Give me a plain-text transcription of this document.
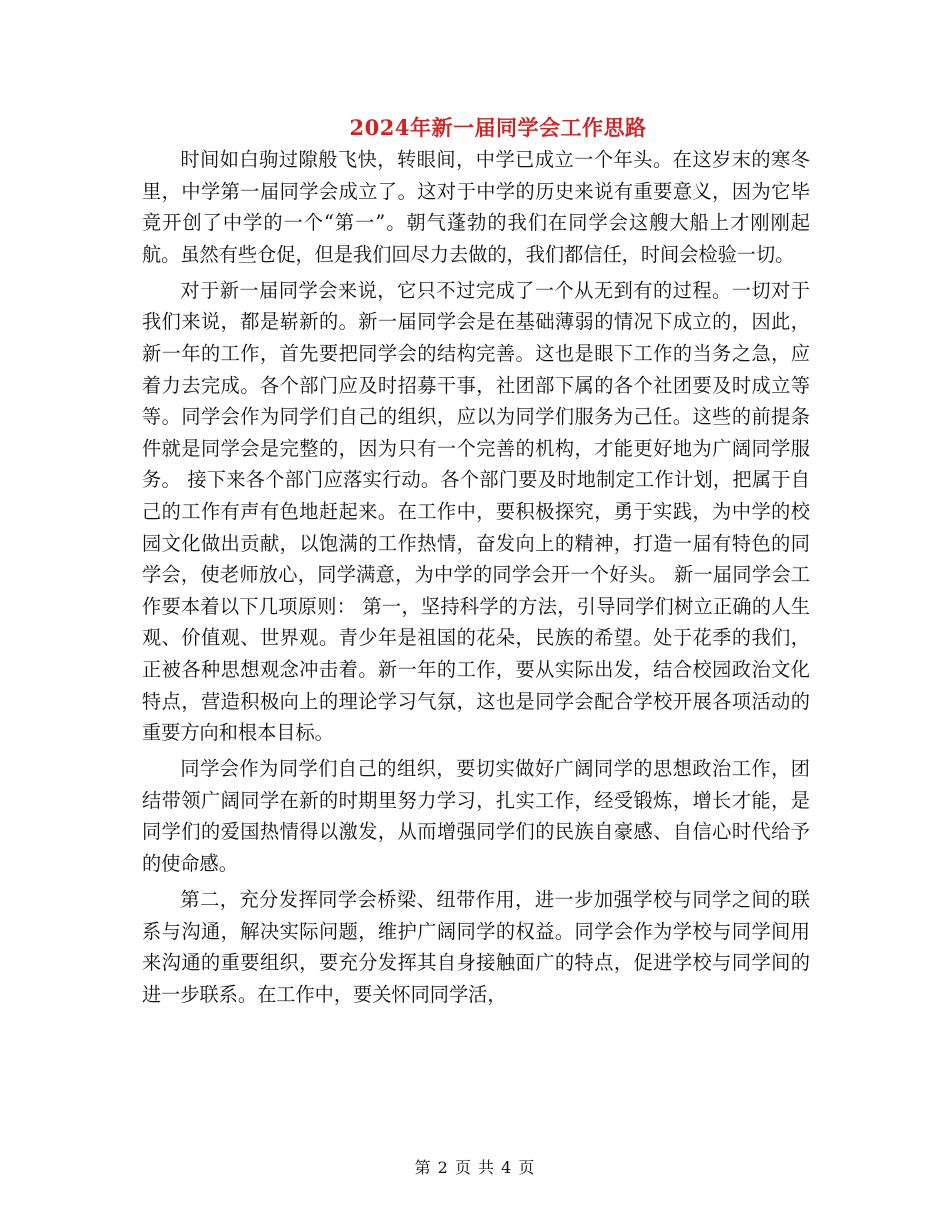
2024年新一届同学会工作思路

时间如白驹过隙般飞快，转眼间，中学已成立一个年头。在这岁末的寒冬里，中学第一届同学会成立了。这对于中学的历史来说有重要意义，因为它毕竟开创了中学的一个“第一”。朝气蓬勃的我们在同学会这艘大船上才刚刚起航。虽然有些仓促，但是我们回尽力去做的，我们都信任，时间会检验一切。

对于新一届同学会来说，它只不过完成了一个从无到有的过程。一切对于我们来说，都是崭新的。新一届同学会是在基础薄弱的情况下成立的，因此，新一年的工作，首先要把同学会的结构完善。这也是眼下工作的当务之急，应着力去完成。各个部门应及时招募干事，社团部下属的各个社团要及时成立等等。同学会作为同学们自己的组织，应以为同学们服务为己任。这些的前提条件就是同学会是完整的，因为只有一个完善的机构，才能更好地为广阔同学服务。 接下来各个部门应落实行动。各个部门要及时地制定工作计划，把属于自己的工作有声有色地赶起来。在工作中，要积极探究，勇于实践，为中学的校园文化做出贡献，以饱满的工作热情，奋发向上的精神，打造一届有特色的同学会，使老师放心，同学满意，为中学的同学会开一个好头。 新一届同学会工作要本着以下几项原则： 第一，坚持科学的方法，引导同学们树立正确的人生观、价值观、世界观。青少年是祖国的花朵，民族的希望。处于花季的我们，正被各种思想观念冲击着。新一年的工作，要从实际出发，结合校园政治文化特点，营造积极向上的理论学习气氛，这也是同学会配合学校开展各项活动的重要方向和根本目标。

同学会作为同学们自己的组织，要切实做好广阔同学的思想政治工作，团结带领广阔同学在新的时期里努力学习，扎实工作，经受锻炼，增长才能，是同学们的爱国热情得以激发，从而增强同学们的民族自豪感、自信心时代给予的使命感。

第二，充分发挥同学会桥梁、纽带作用，进一步加强学校与同学之间的联系与沟通，解决实际问题，维护广阔同学的权益。同学会作为学校与同学间用来沟通的重要组织，要充分发挥其自身接触面广的特点，促进学校与同学间的进一步联系。在工作中，要关怀同同学活，

第 2 页 共 4 页
